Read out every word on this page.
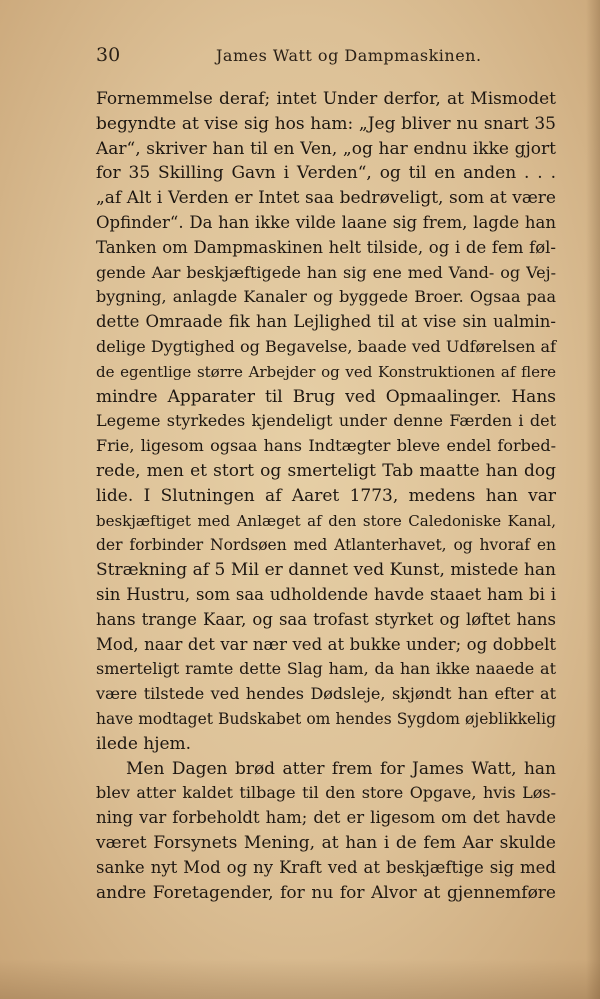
30	James Watt og Dampmaskinen.
Fornemmelse deraf; intet Under derfor, at Mismodet
begyndte at vise sig hos ham: „Jeg bliver nu snart 35
Aar“, skriver han til en Ven, „og har endnu ikke gjort
for 35 Skilling Gavn i Verden“, og til en anden . . .
„af Alt i Verden er Intet saa bedrøveligt, som at være
Opfinder“. Da han ikke vilde laane sig frem, lagde han
Tanken om Dampmaskinen helt tilside, og i de fem føl-
gende Aar beskjæftigede han sig ene med Vand- og Vej-
bygning, anlagde Kanaler og byggede Broer. Ogsaa paa
dette Omraade fik han Lejlighed til at vise sin ualmin-
delige Dygtighed og Begavelse, baade ved Udførelsen af
de egentlige større Arbejder og ved Konstruktionen af flere
mindre Apparater til Brug ved Opmaalinger. Hans
Legeme styrkedes kjendeligt under denne Færden i det
Frie, ligesom ogsaa hans Indtægter bleve endel forbed-
rede, men et stort og smerteligt Tab maatte han dog
lide. I Slutningen af Aaret 1773, medens han var
beskjæftiget med Anlæget af den store Caledoniske Kanal,
der forbinder Nordsøen med Atlanterhavet, og hvoraf en
Strækning af 5 Mil er dannet ved Kunst, mistede han
sin Hustru, som saa udholdende havde staaet ham bi i
hans trange Kaar, og saa trofast styrket og løftet hans
Mod, naar det var nær ved at bukke under; og dobbelt
smerteligt ramte dette Slag ham, da han ikke naaede at
være tilstede ved hendes Dødsleje, skjøndt han efter at
have modtaget Budskabet om hendes Sygdom øjeblikkelig
ilede hjem.
Men Dagen brød atter frem for James Watt, han
blev atter kaldet tilbage til den store Opgave, hvis Løs-
ning var forbeholdt ham; det er ligesom om det havde
været Forsynets Mening, at han i de fem Aar skulde
sanke nyt Mod og ny Kraft ved at beskjæftige sig med
andre Foretagender, for nu for Alvor at gjennemføre
